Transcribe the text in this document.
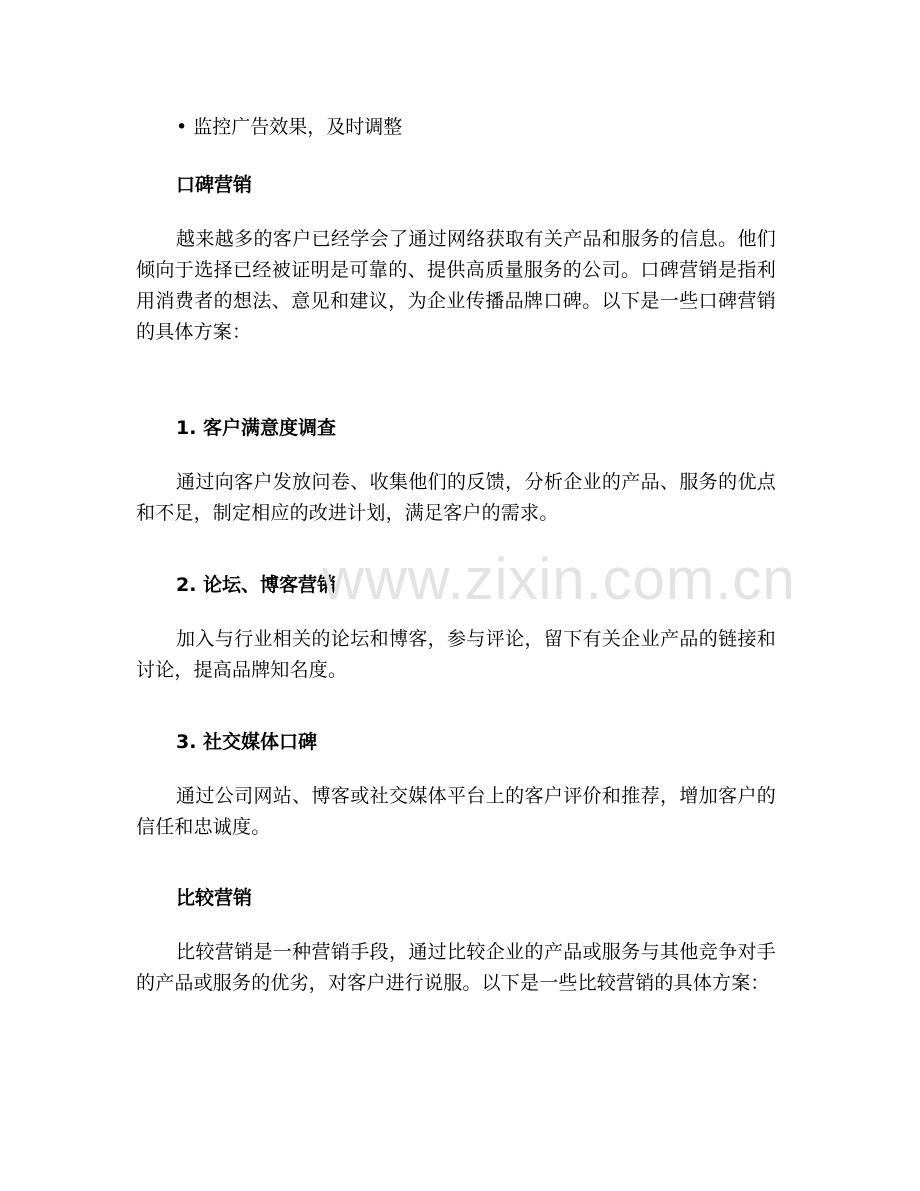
• 监控广告效果，及时调整
口碑营销
越来越多的客户已经学会了通过网络获取有关产品和服务的信息。他们倾向于选择已经被证明是可靠的、提供高质量服务的公司。口碑营销是指利用消费者的想法、意见和建议，为企业传播品牌口碑。以下是一些口碑营销的具体方案：
1. 客户满意度调查
通过向客户发放问卷、收集他们的反馈，分析企业的产品、服务的优点和不足，制定相应的改进计划，满足客户的需求。
2. 论坛、博客营销
加入与行业相关的论坛和博客，参与评论，留下有关企业产品的链接和讨论，提高品牌知名度。
3. 社交媒体口碑
通过公司网站、博客或社交媒体平台上的客户评价和推荐，增加客户的信任和忠诚度。
比较营销
比较营销是一种营销手段，通过比较企业的产品或服务与其他竞争对手的产品或服务的优劣，对客户进行说服。以下是一些比较营销的具体方案：
www.zixin.com.cn
